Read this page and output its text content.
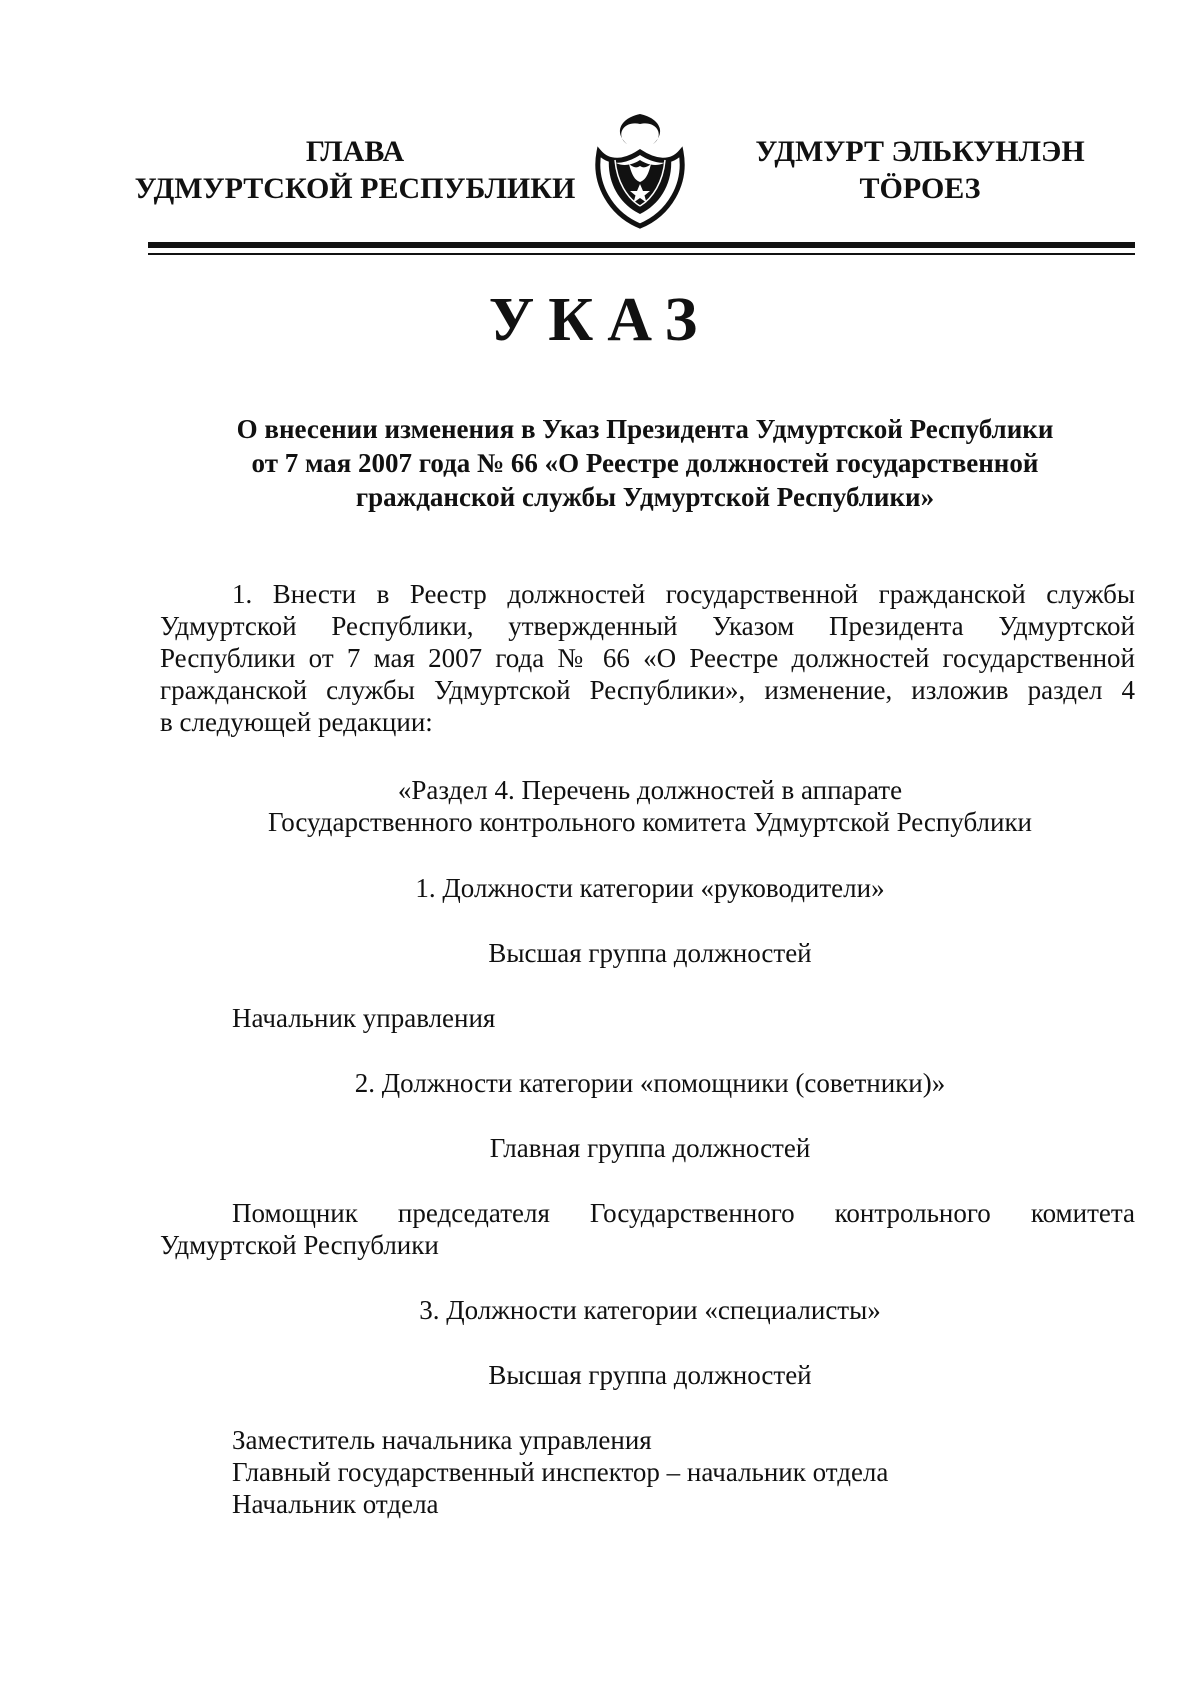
ГЛАВА
УДМУРТСКОЙ РЕСПУБЛИКИ
УДМУРТ ЭЛЬКУНЛЭН
ТӦРОЕЗ
УКАЗ
О внесении изменения в Указ Президента Удмуртской Республики
от 7 мая 2007 года № 66 «О Реестре должностей государственной
гражданской службы Удмуртской Республики»
1. Внести в Реестр должностей государственной гражданской службы
Удмуртской Республики, утвержденный Указом Президента Удмуртской
Республики от 7 мая 2007 года № 66 «О Реестре должностей государственной
гражданской службы Удмуртской Республики», изменение, изложив раздел 4
в следующей редакции:
«Раздел 4. Перечень должностей в аппарате
Государственного контрольного комитета Удмуртской Республики
1. Должности категории «руководители»
Высшая группа должностей
Начальник управления
2. Должности категории «помощники (советники)»
Главная группа должностей
Помощник председателя Государственного контрольного комитета
Удмуртской Республики
3. Должности категории «специалисты»
Высшая группа должностей
Заместитель начальника управления
Главный государственный инспектор – начальник отдела
Начальник отдела
